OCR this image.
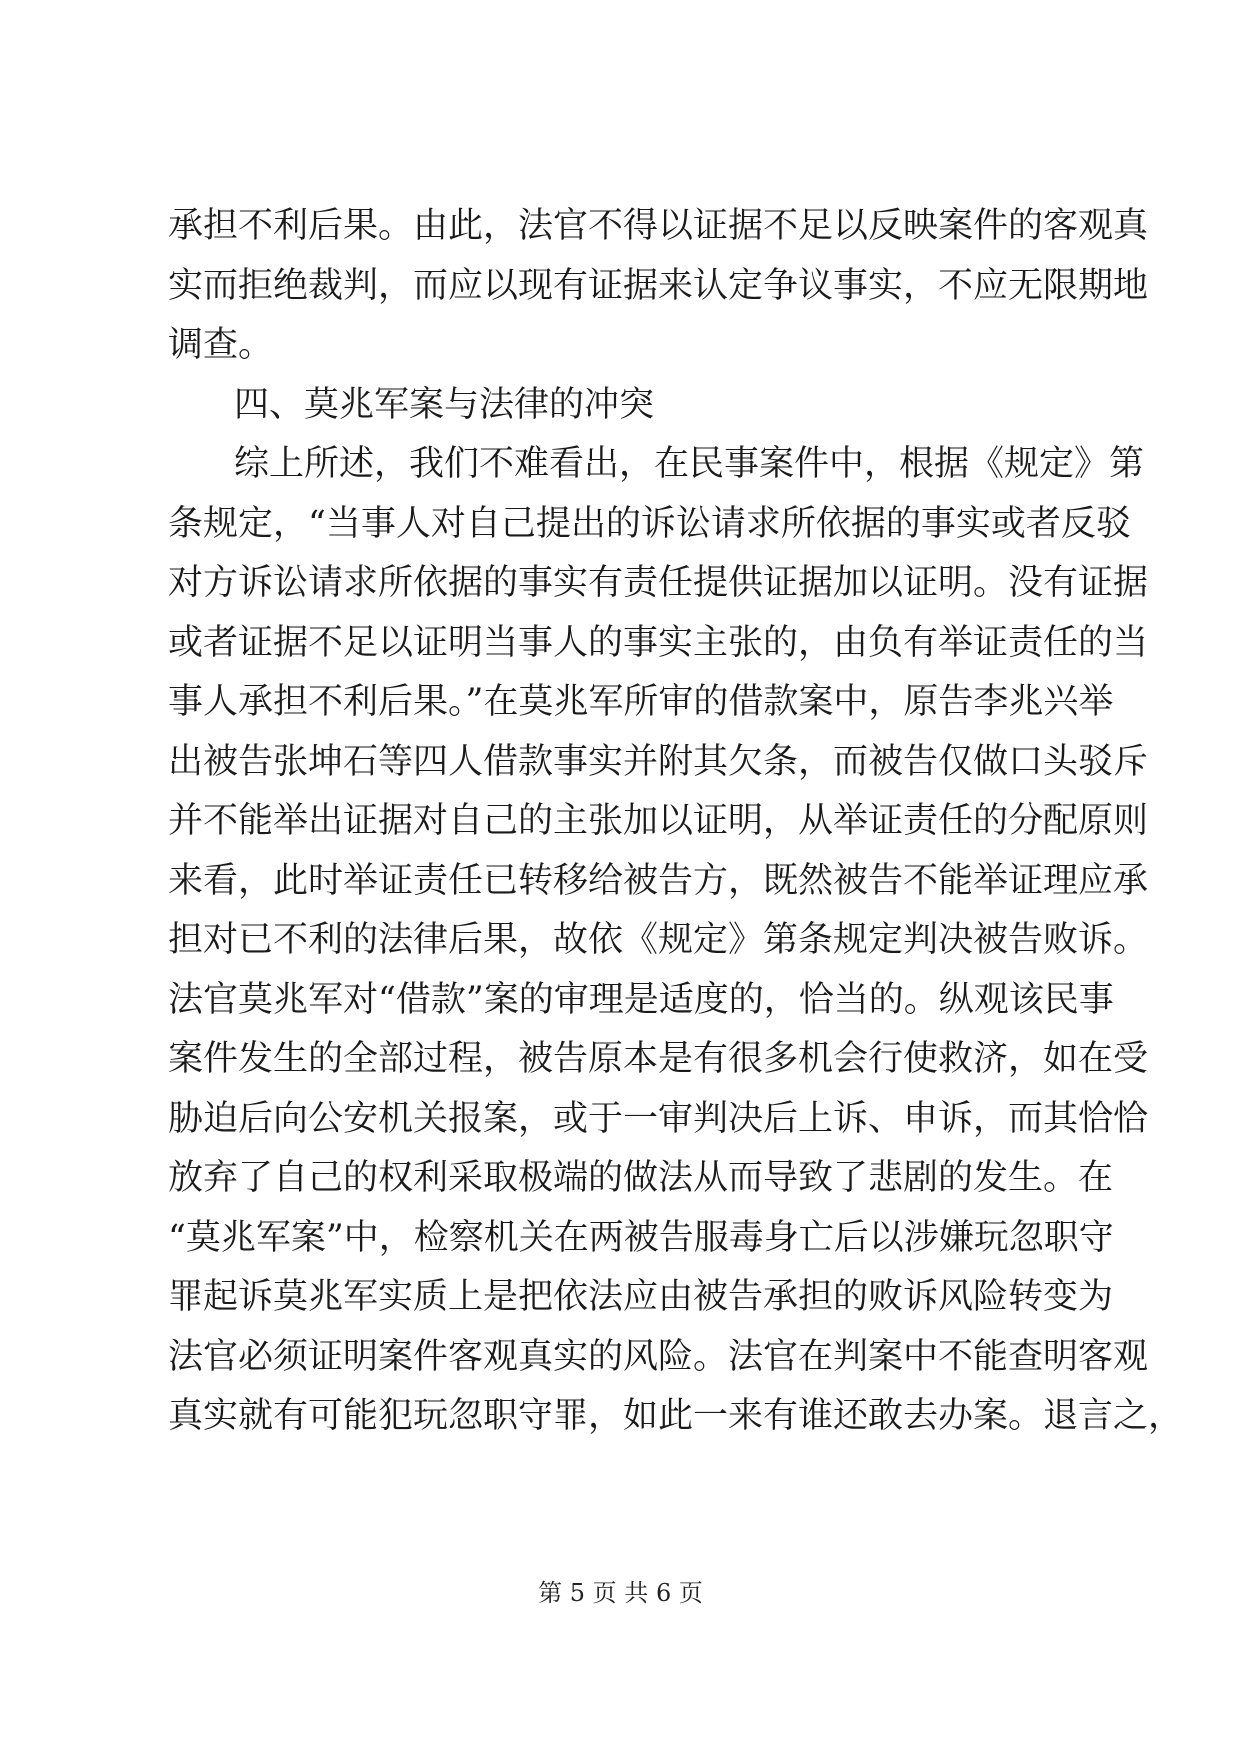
承担不利后果。由此，法官不得以证据不足以反映案件的客观真
实而拒绝裁判，而应以现有证据来认定争议事实，不应无限期地
调查。
四、莫兆军案与法律的冲突
综上所述，我们不难看出，在民事案件中，根据《规定》第
条规定，“当事人对自己提出的诉讼请求所依据的事实或者反驳
对方诉讼请求所依据的事实有责任提供证据加以证明。没有证据
或者证据不足以证明当事人的事实主张的，由负有举证责任的当
事人承担不利后果。”在莫兆军所审的借款案中，原告李兆兴举
出被告张坤石等四人借款事实并附其欠条，而被告仅做口头驳斥
并不能举出证据对自己的主张加以证明，从举证责任的分配原则
来看，此时举证责任已转移给被告方，既然被告不能举证理应承
担对已不利的法律后果，故依《规定》第条规定判决被告败诉。
法官莫兆军对“借款”案的审理是适度的，恰当的。纵观该民事
案件发生的全部过程，被告原本是有很多机会行使救济，如在受
胁迫后向公安机关报案，或于一审判决后上诉、申诉，而其恰恰
放弃了自己的权利采取极端的做法从而导致了悲剧的发生。在
“莫兆军案”中，检察机关在两被告服毒身亡后以涉嫌玩忽职守
罪起诉莫兆军实质上是把依法应由被告承担的败诉风险转变为
法官必须证明案件客观真实的风险。法官在判案中不能查明客观
真实就有可能犯玩忽职守罪，如此一来有谁还敢去办案。退言之，
第 5 页 共 6 页
